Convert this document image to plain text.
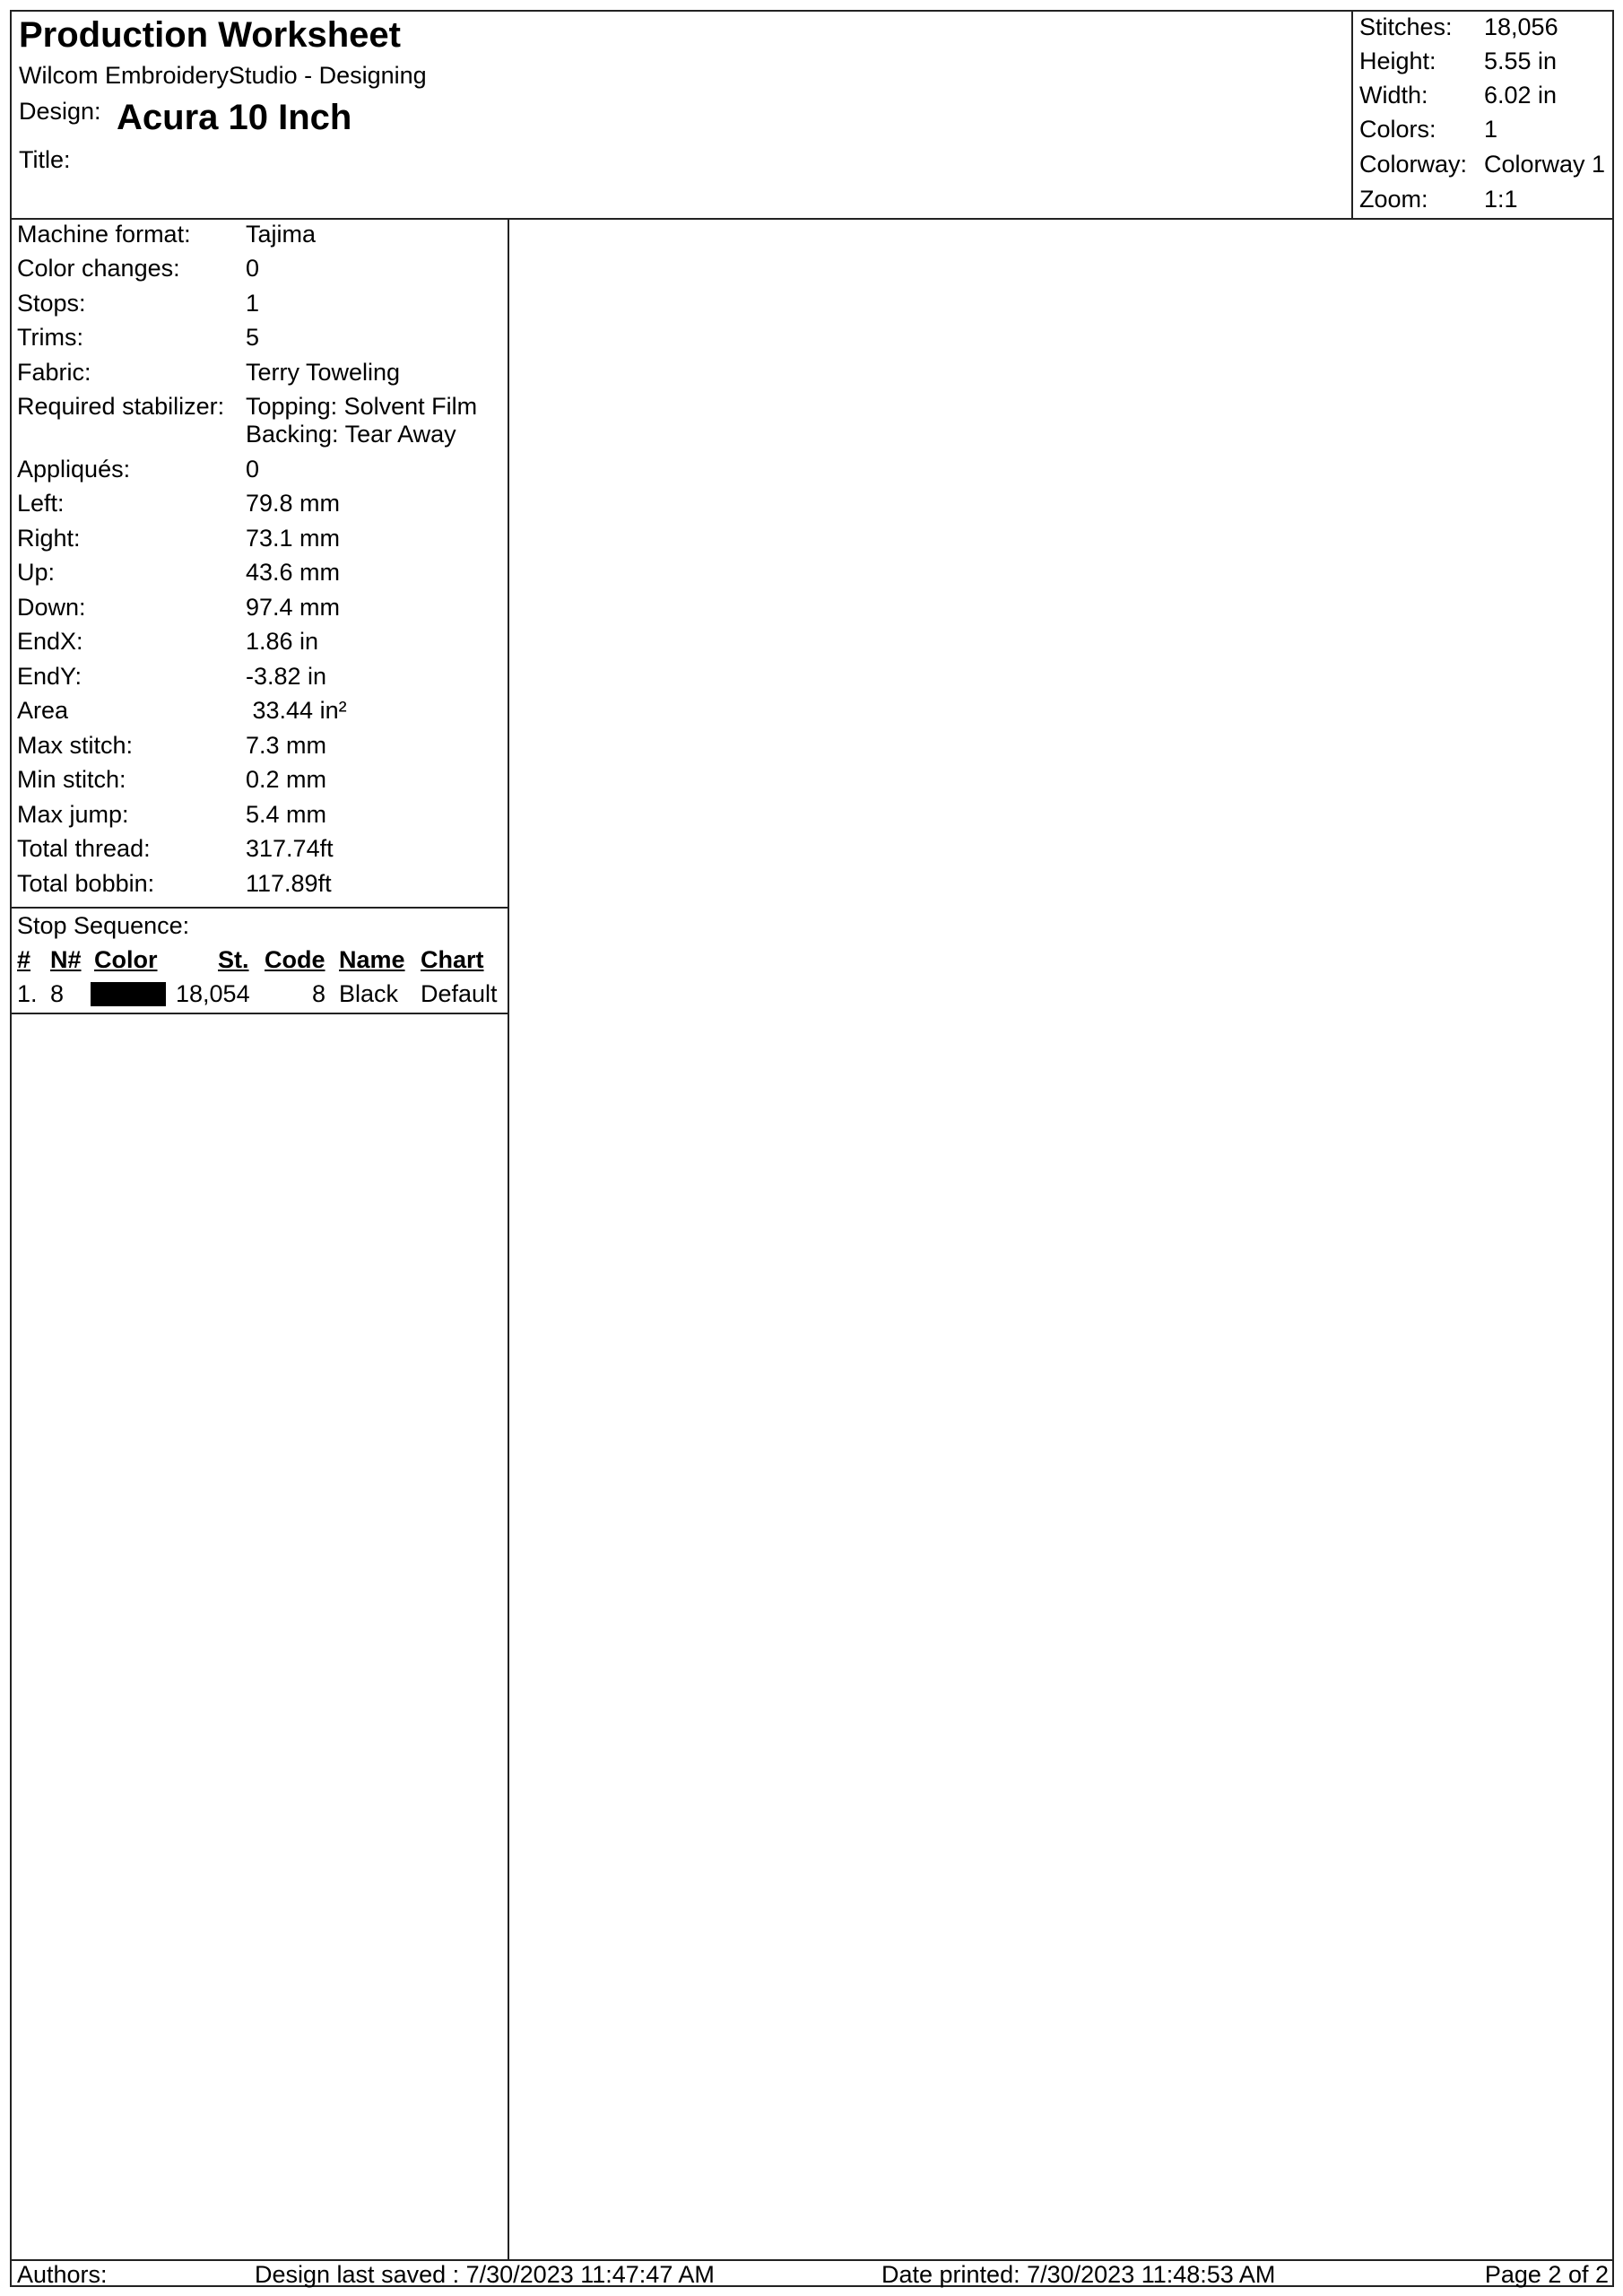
Production Worksheet
Wilcom EmbroideryStudio - Designing
Design: Acura 10 Inch
Title:
Stitches: 18,056
Height: 5.55 in
Width: 6.02 in
Colors: 1
Colorway: Colorway 1
Zoom: 1:1
Machine format: Tajima
Color changes:	0
Stops:	1
Trims:	5
Fabric:	Terry Toweling
Required stabilizer: Topping: Solvent Film
Backing: Tear Away
Appliqués:	0
Left:	79.8 mm
Right:	73.1 mm
Up:	43.6 mm
Down:	97.4 mm
EndX:	1.86 in
EndY:	-3.82 in
Area	33.44 in²
Max stitch:	7.3 mm
Min stitch:	0.2 mm
Max jump:	5.4 mm
Total thread:	317.74ft
Total bobbin:	117.89ft
Stop Sequence:
# N# Color	St. Code Name Chart
1. 8	18,054	8 Black Default
Authors:	Design last saved : 7/30/2023 11:47:47 AM	Date printed: 7/30/2023 11:48:53 AM	Page 2 of 2
